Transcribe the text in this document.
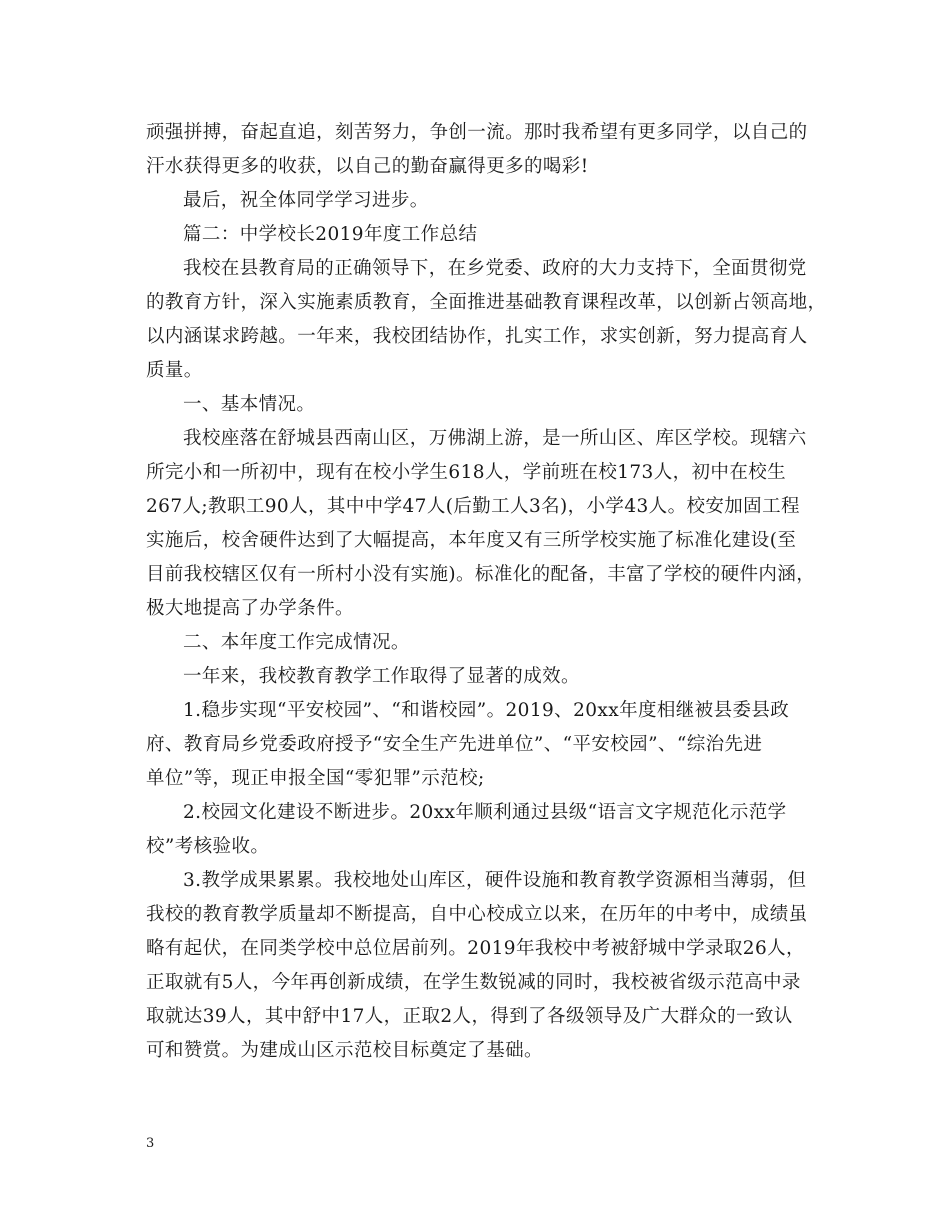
顽强拼搏，奋起直追，刻苦努力，争创一流。那时我希望有更多同学，以自己的

汗水获得更多的收获，以自己的勤奋赢得更多的喝彩!

最后，祝全体同学学习进步。

篇二：中学校长2019年度工作总结

我校在县教育局的正确领导下，在乡党委、政府的大力支持下，全面贯彻党

的教育方针，深入实施素质教育，全面推进基础教育课程改革，以创新占领高地，

以内涵谋求跨越。一年来，我校团结协作，扎实工作，求实创新，努力提高育人

质量。

一、基本情况。

我校座落在舒城县西南山区，万佛湖上游，是一所山区、库区学校。现辖六

所完小和一所初中，现有在校小学生618人，学前班在校173人，初中在校生

267人;教职工90人，其中中学47人(后勤工人3名)，小学43人。校安加固工程

实施后，校舍硬件达到了大幅提高，本年度又有三所学校实施了标准化建设(至

目前我校辖区仅有一所村小没有实施)。标准化的配备，丰富了学校的硬件内涵，

极大地提高了办学条件。

二、本年度工作完成情况。

一年来，我校教育教学工作取得了显著的成效。

1.稳步实现“平安校园”、“和谐校园”。2019、20xx年度相继被县委县政

府、教育局乡党委政府授予“安全生产先进单位”、“平安校园”、“综治先进

单位”等，现正申报全国“零犯罪”示范校;

2.校园文化建设不断进步。20xx年顺利通过县级“语言文字规范化示范学

校”考核验收。

3.教学成果累累。我校地处山库区，硬件设施和教育教学资源相当薄弱，但

我校的教育教学质量却不断提高，自中心校成立以来，在历年的中考中，成绩虽

略有起伏，在同类学校中总位居前列。2019年我校中考被舒城中学录取26人，

正取就有5人，今年再创新成绩，在学生数锐减的同时，我校被省级示范高中录

取就达39人，其中舒中17人，正取2人，得到了各级领导及广大群众的一致认

可和赞赏。为建成山区示范校目标奠定了基础。

3
